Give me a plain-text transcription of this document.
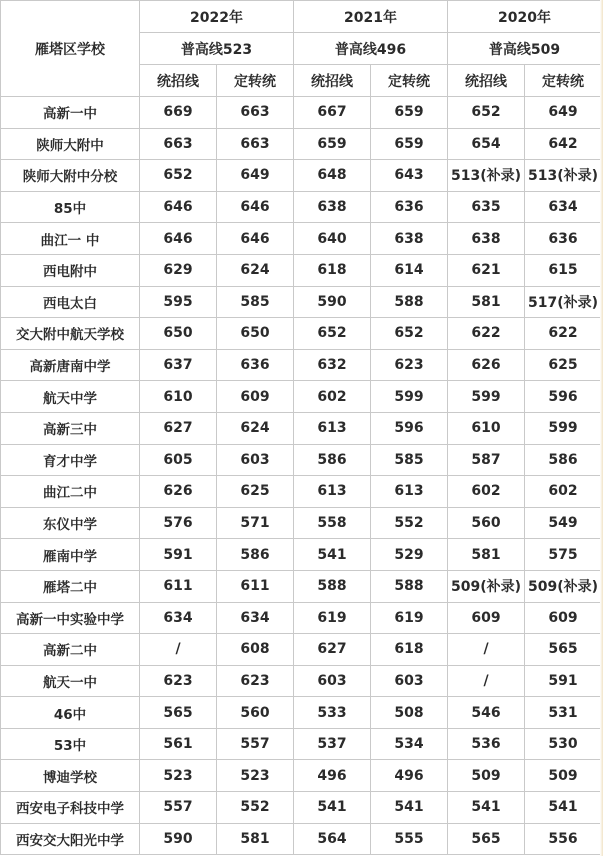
雁塔区学校	2022年		2021年		2020年	
	普高线523		普高线496		普高线509	
	统招线	定转统	统招线	定转统	统招线	定转统
高新一中	669	663	667	659	652	649
陕师大附中	663	663	659	659	654	642
陕师大附中分校	652	649	648	643	513(补录)	513(补录)
85中	646	646	638	636	635	634
曲江一 中	646	646	640	638	638	636
西电附中	629	624	618	614	621	615
西电太白	595	585	590	588	581	517(补录)
交大附中航天学校	650	650	652	652	622	622
高新唐南中学	637	636	632	623	626	625
航天中学	610	609	602	599	599	596
高新三中	627	624	613	596	610	599
育才中学	605	603	586	585	587	586
曲江二中	626	625	613	613	602	602
东仪中学	576	571	558	552	560	549
雁南中学	591	586	541	529	581	575
雁塔二中	611	611	588	588	509(补录)	509(补录)
高新一中实验中学	634	634	619	619	609	609
高新二中	/	608	627	618	/	565
航天一中	623	623	603	603	/	591
46中	565	560	533	508	546	531
53中	561	557	537	534	536	530
博迪学校	523	523	496	496	509	509
西安电子科技中学	557	552	541	541	541	541
西安交大阳光中学	590	581	564	555	565	556
